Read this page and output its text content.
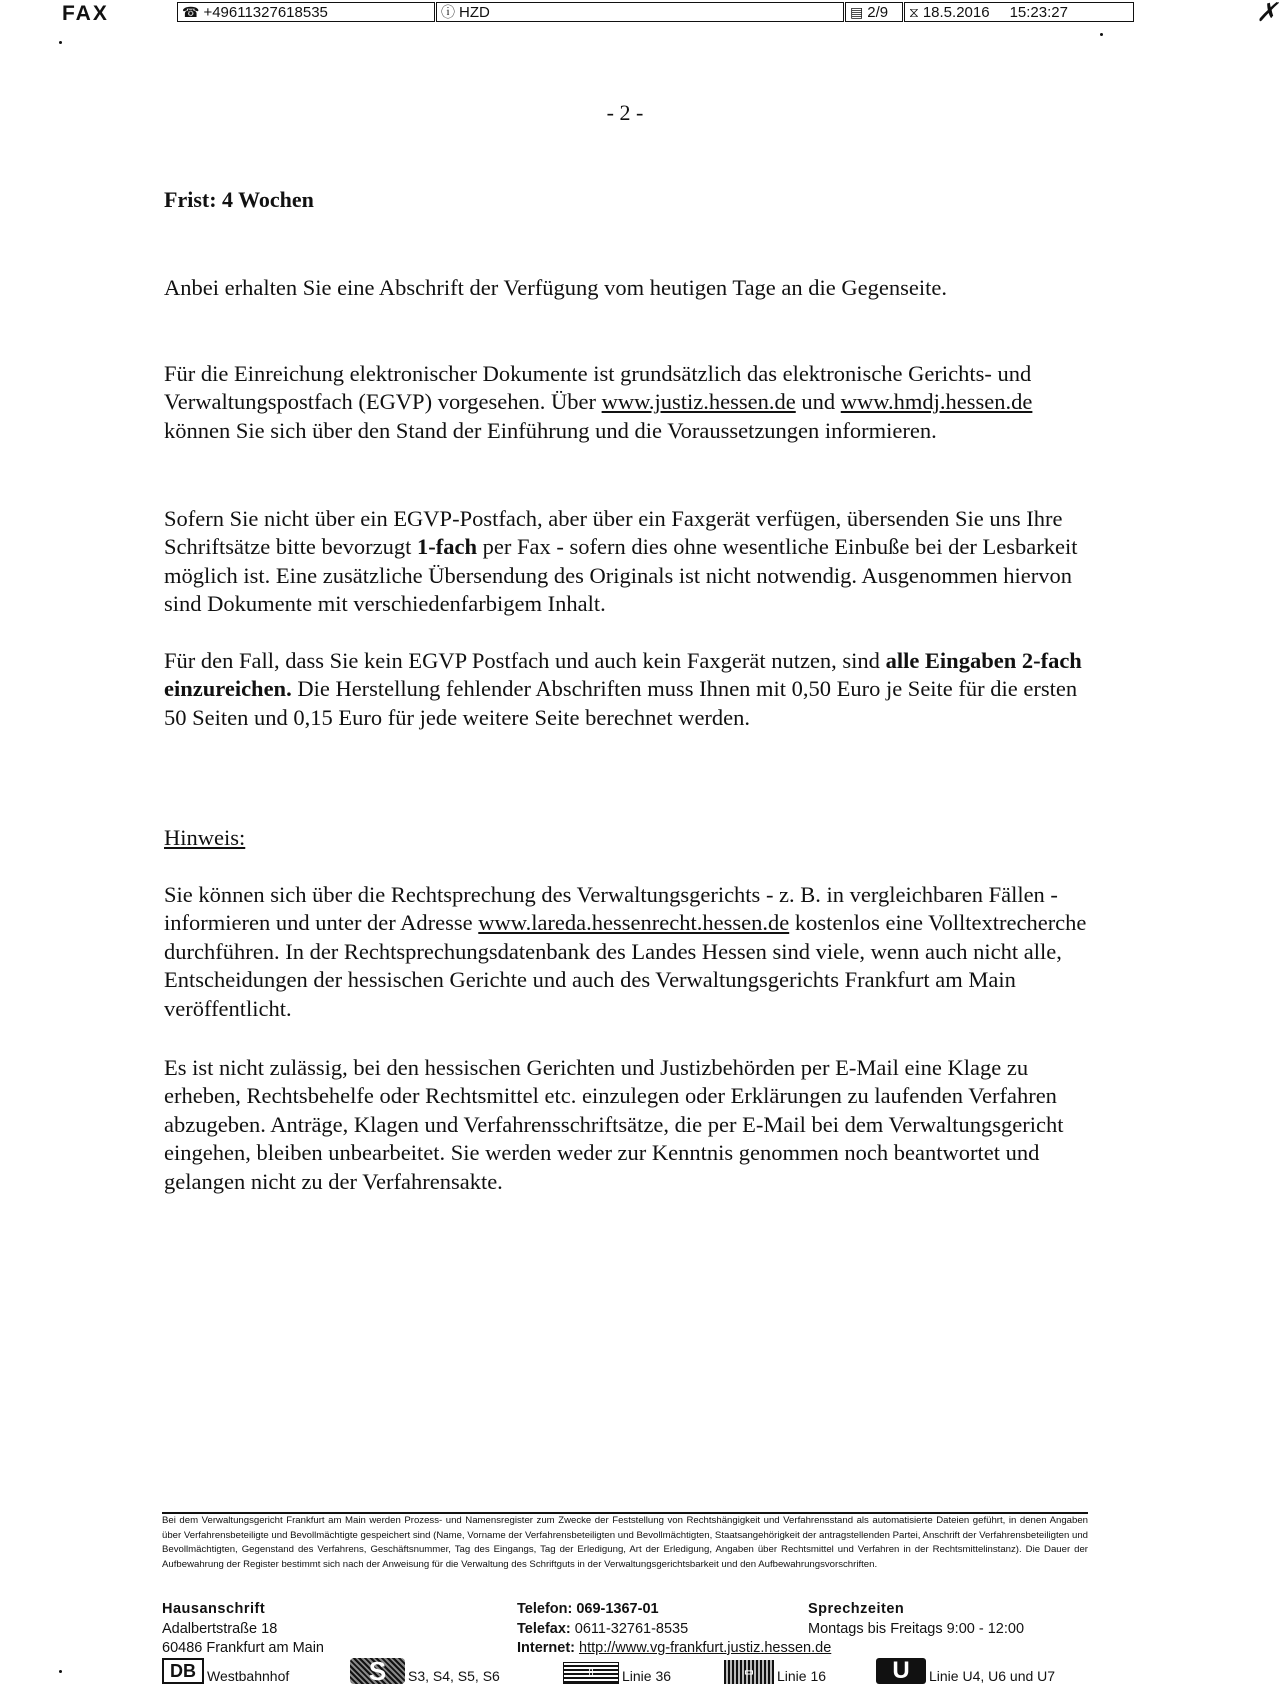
FAX	☎ +49611327618535	ⓘ HZD	▤ 2/9 ⧖ 18.5.2016 15:23:27	✗
- 2 -
Frist: 4 Wochen

Anbei erhalten Sie eine Abschrift der Verfügung vom heutigen Tage an die Gegenseite.

Für die Einreichung elektronischer Dokumente ist grundsätzlich das elektronische Gerichts- und Verwaltungspostfach (EGVP) vorgesehen. Über www.justiz.hessen.de und www.hmdj.hessen.de können Sie sich über den Stand der Einführung und die Voraussetzungen informieren.

Sofern Sie nicht über ein EGVP-Postfach, aber über ein Faxgerät verfügen, übersenden Sie uns Ihre Schriftsätze bitte bevorzugt 1-fach per Fax - sofern dies ohne wesentliche Einbuße bei der Lesbarkeit möglich ist. Eine zusätzliche Übersendung des Originals ist nicht notwendig. Ausgenommen hiervon sind Dokumente mit verschiedenfarbigem Inhalt.

Für den Fall, dass Sie kein EGVP Postfach und auch kein Faxgerät nutzen, sind alle Eingaben 2-fach einzureichen. Die Herstellung fehlender Abschriften muss Ihnen mit 0,50 Euro je Seite für die ersten 50 Seiten und 0,15 Euro für jede weitere Seite berechnet werden.

Hinweis:

Sie können sich über die Rechtsprechung des Verwaltungsgerichts - z. B. in vergleichbaren Fällen - informieren und unter der Adresse www.lareda.hessenrecht.hessen.de kostenlos eine Volltextrecherche durchführen. In der Rechtsprechungsdatenbank des Landes Hessen sind viele, wenn auch nicht alle, Entscheidungen der hessischen Gerichte und auch des Verwaltungsgerichts Frankfurt am Main veröffentlicht.

Es ist nicht zulässig, bei den hessischen Gerichten und Justizbehörden per E-Mail eine Klage zu erheben, Rechtsbehelfe oder Rechtsmittel etc. einzulegen oder Erklärungen zu laufenden Verfahren abzugeben. Anträge, Klagen und Verfahrensschriftsätze, die per E-Mail bei dem Verwaltungsgericht eingehen, bleiben unbearbeitet. Sie werden weder zur Kenntnis genommen noch beantwortet und gelangen nicht zu der Verfahrensakte.

Bei dem Verwaltungsgericht Frankfurt am Main werden Prozess- und Namensregister zum Zwecke der Feststellung von Rechtshängigkeit und Verfahrensstand als automatisierte Dateien geführt, in denen Angaben über Verfahrensbeteiligte und Bevollmächtigte gespeichert sind (Name, Vorname der Verfahrensbeteiligten und Bevollmächtigten, Staatsangehörigkeit der antragstellenden Partei, Anschrift der Verfahrensbeteiligten und Bevollmächtigten, Gegenstand des Verfahrens, Geschäftsnummer, Tag des Eingangs, Tag der Erledigung, Art der Erledigung, Angaben über Rechtsmittel und Verfahren in der Rechtsmittelinstanz). Die Dauer der Aufbewahrung der Register bestimmt sich nach der Anweisung für die Verwaltung des Schriftguts in der Verwaltungsgerichtsbarkeit und den Aufbewahrungsvorschriften.

Hausanschrift
Adalbertstraße 18
60486 Frankfurt am Main
Telefon: 069-1367-01
Telefax: 0611-32761-8535
Internet: http://www.vg-frankfurt.justiz.hessen.de
Sprechzeiten
Montags bis Freitags 9:00 - 12:00
DB Westbahnhof	S	S3, S4, S5, S6	⎍	Linie 36	▭	Linie 16	U	Linie U4, U6 und U7
